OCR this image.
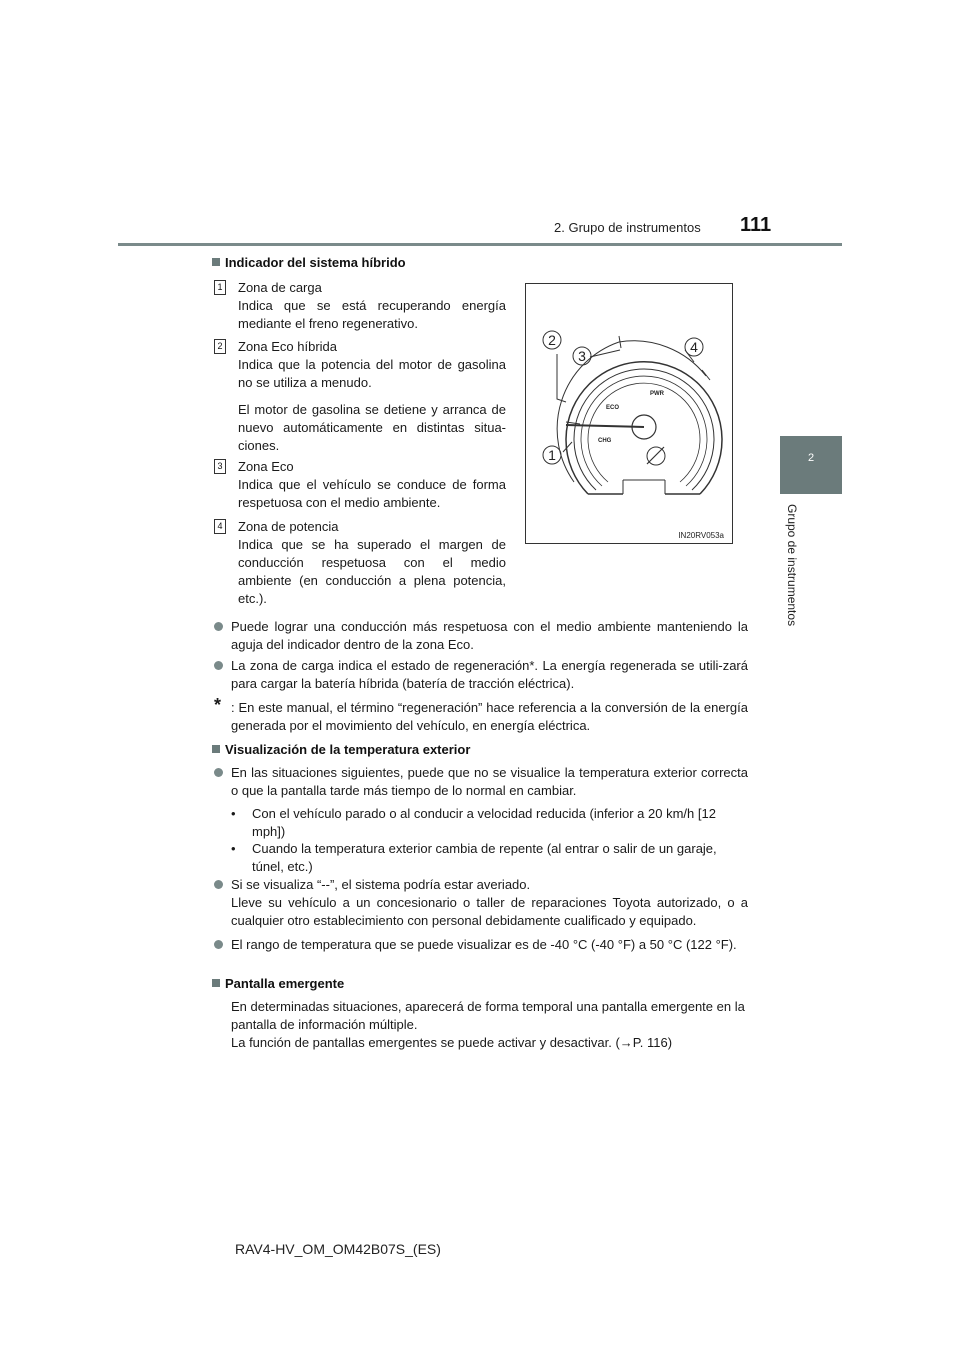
2. Grupo de instrumentos 111
2
Grupo de instrumentos
Indicador del sistema híbrido
1 Zona de carga

Indica que se está recuperando energía mediante el freno regenerativo.

2 Zona Eco híbrida

Indica que la potencia del motor de gasolina no se utiliza a menudo.

El motor de gasolina se detiene y arranca de nuevo automáticamente en distintas situa-ciones.

3 Zona Eco

Indica que el vehículo se conduce de forma respetuosa con el medio ambiente.

4 Zona de potencia

Indica que se ha superado el margen de conducción respetuosa con el medio ambiente (en conducción a plena potencia, etc.).

2
3
4
1
ECO
PWR
CHG
IN20RV053a
Puede lograr una conducción más respetuosa con el medio ambiente manteniendo la aguja del indicador dentro de la zona Eco.
La zona de carga indica el estado de regeneración*. La energía regenerada se utili-zará para cargar la batería híbrida (batería de tracción eléctrica).
* : En este manual, el término “regeneración” hace referencia a la conversión de la energía generada por el movimiento del vehículo, en energía eléctrica.
Visualización de la temperatura exterior
En las situaciones siguientes, puede que no se visualice la temperatura exterior correcta o que la pantalla tarde más tiempo de lo normal en cambiar.
• Con el vehículo parado o al conducir a velocidad reducida (inferior a 20 km/h [12 mph])
• Cuando la temperatura exterior cambia de repente (al entrar o salir de un garaje, túnel, etc.)
Si se visualiza “--”, el sistema podría estar averiado.
Lleve su vehículo a un concesionario o taller de reparaciones Toyota autorizado, o a cualquier otro establecimiento con personal debidamente cualificado y equipado.
El rango de temperatura que se puede visualizar es de -40 °C (-40 °F) a 50 °C (122 °F).
Pantalla emergente
En determinadas situaciones, aparecerá de forma temporal una pantalla emergente en la pantalla de información múltiple.
La función de pantallas emergentes se puede activar y desactivar. (→P. 116)
RAV4-HV_OM_OM42B07S_(ES)
